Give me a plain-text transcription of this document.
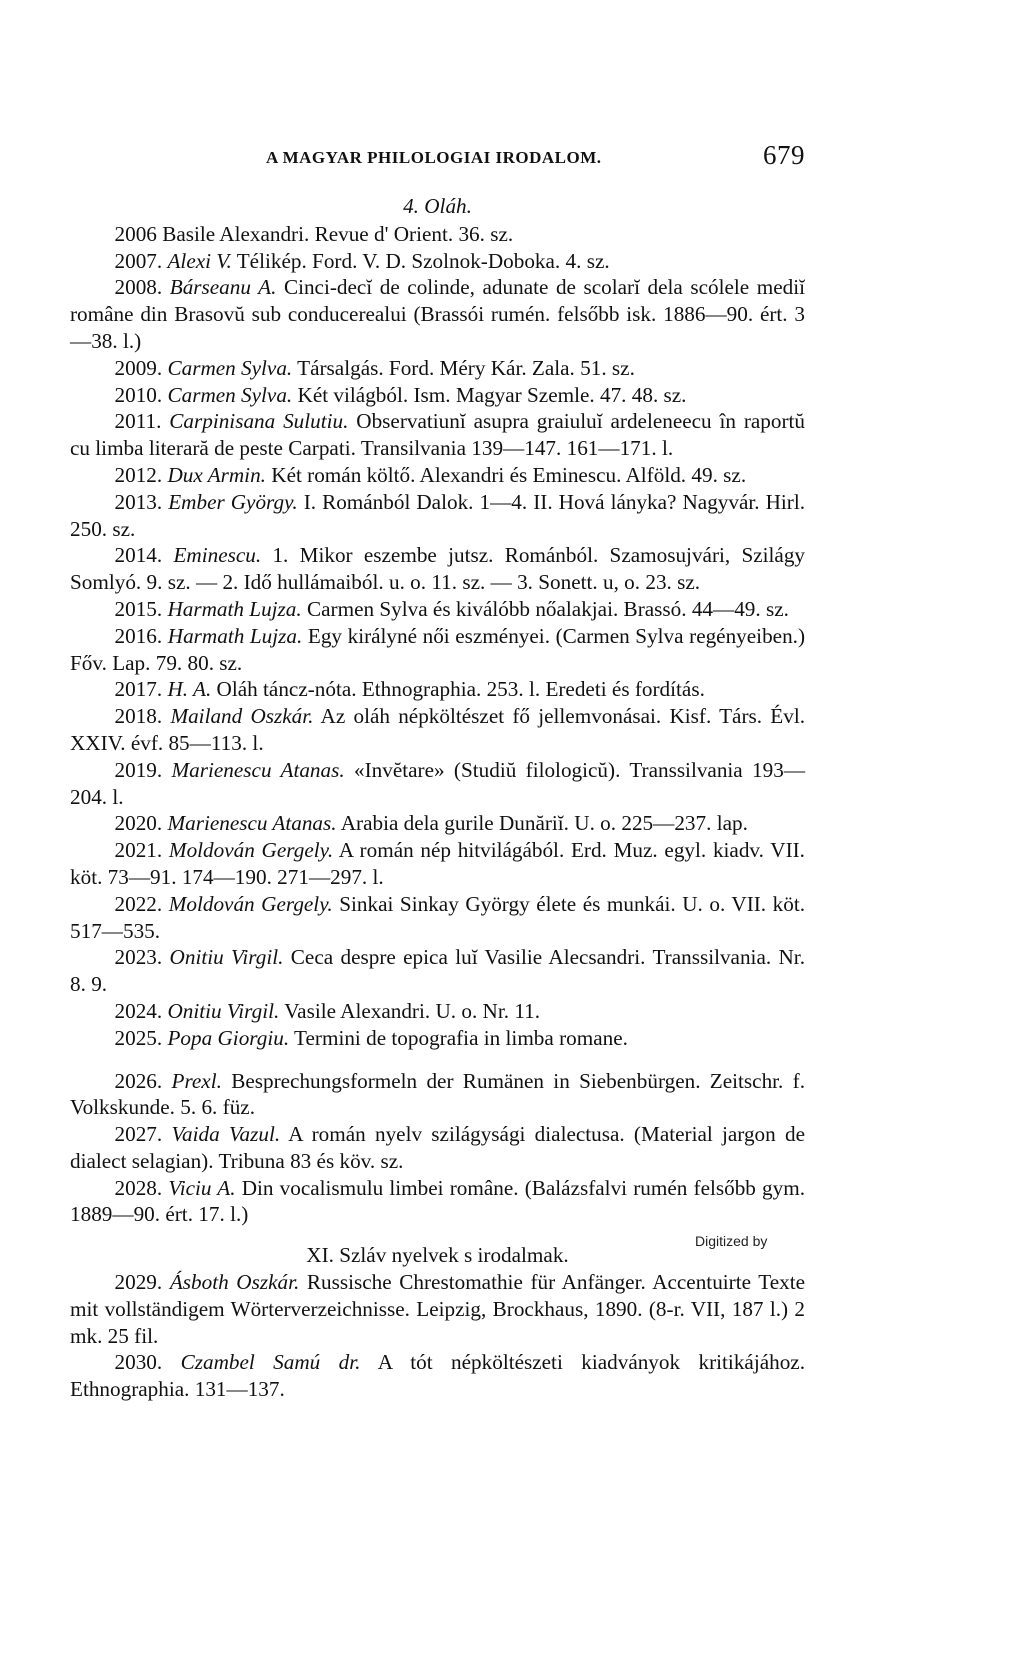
A MAGYAR PHILOLOGIAI IRODALOM.	679
4. Oláh.

2006 Basile Alexandri. Revue d' Orient. 36. sz.

2007. Alexi V. Télikép. Ford. V. D. Szolnok-Doboka. 4. sz.

2008. Bárseanu A. Cinci-decĭ de colinde, adunate de scolarĭ dela scólele mediĭ române din Brasovŭ sub conducerealui (Brassói rumén. felsőbb isk. 1886—90. ért. 3—38. l.)

2009. Carmen Sylva. Társalgás. Ford. Méry Kár. Zala. 51. sz.

2010. Carmen Sylva. Két világból. Ism. Magyar Szemle. 47. 48. sz.

2011. Carpinisana Sulutiu. Observatiunĭ asupra graiuluĭ ardeleneecu în raportŭ cu limba literară de peste Carpati. Transilvania 139—147. 161—171. l.

2012. Dux Armin. Két román költő. Alexandri és Eminescu. Alföld. 49. sz.

2013. Ember György. I. Románból Dalok. 1—4. II. Hová lányka? Nagyvár. Hirl. 250. sz.

2014. Eminescu. 1. Mikor eszembe jutsz. Románból. Szamosujvári, Szilágy Somlyó. 9. sz. — 2. Idő hullámaiból. u. o. 11. sz. — 3. Sonett. u, o. 23. sz.

2015. Harmath Lujza. Carmen Sylva és kiválóbb nőalakjai. Brassó. 44—49. sz.

2016. Harmath Lujza. Egy királyné női eszményei. (Carmen Sylva regényeiben.) Főv. Lap. 79. 80. sz.

2017. H. A. Oláh táncz-nóta. Ethnographia. 253. l. Eredeti és fordítás.

2018. Mailand Oszkár. Az oláh népköltészet fő jellemvonásai. Kisf. Társ. Évl. XXIV. évf. 85—113. l.

2019. Marienescu Atanas. «Invĕtare» (Studiŭ filologicŭ). Transsilvania 193—204. l.

2020. Marienescu Atanas. Arabia dela gurile Dunăriĭ. U. o. 225—237. lap.

2021. Moldován Gergely. A román nép hitvilágából. Erd. Muz. egyl. kiadv. VII. köt. 73—91. 174—190. 271—297. l.

2022. Moldován Gergely. Sinkai Sinkay György élete és munkái. U. o. VII. köt. 517—535.

2023. Onitiu Virgil. Ceca despre epica luĭ Vasilie Alecsandri. Transsilvania. Nr. 8. 9.

2024. Onitiu Virgil. Vasile Alexandri. U. o. Nr. 11.

2025. Popa Giorgiu. Termini de topografia in limba romane.

2026. Prexl. Besprechungsformeln der Rumänen in Siebenbürgen. Zeitschr. f. Volkskunde. 5. 6. füz.

2027. Vaida Vazul. A román nyelv szilágysági dialectusa. (Material jargon de dialect selagian). Tribuna 83 és köv. sz.

2028. Viciu A. Din vocalismulu limbei române. (Balázsfalvi rumén felsőbb gym. 1889—90. ért. 17. l.)

XI. Szláv nyelvek s irodalmak.

2029. Ásboth Oszkár. Russische Chrestomathie für Anfänger. Accentuirte Texte mit vollständigem Wörterverzeichnisse. Leipzig, Brockhaus, 1890. (8-r. VII, 187 l.) 2 mk. 25 fil.

2030. Czambel Samú dr. A tót népköltészeti kiadványok kritikájához. Ethnographia. 131—137.

Digitized by
